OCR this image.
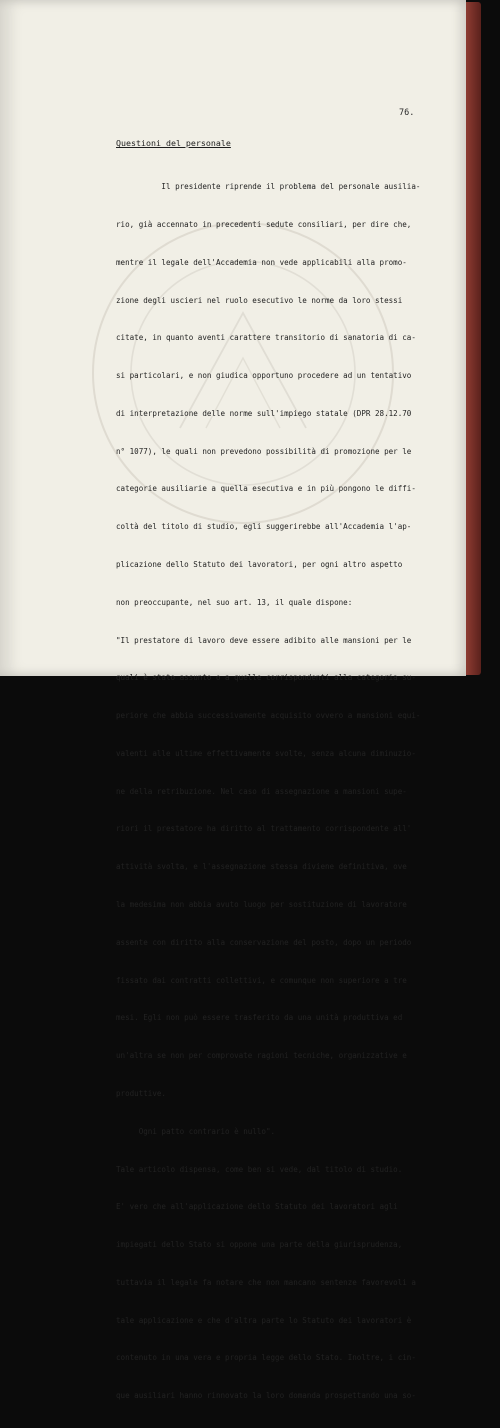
76.
Questioni del personale

Il presidente riprende il problema del personale ausilia-

rio, già accennato in precedenti sedute consiliari, per dire che,

mentre il legale dell'Accademia non vede applicabili alla promo-

zione degli uscieri nel ruolo esecutivo le norme da loro stessi

citate, in quanto aventi carattere transitorio di sanatoria di ca-

si particolari, e non giudica opportuno procedere ad un tentativo

di interpretazione delle norme sull'impiego statale (DPR 28.12.70

n° 1077), le quali non prevedono possibilità di promozione per le

categorie ausiliarie a quella esecutiva e in più pongono le diffi-

coltà del titolo di studio, egli suggerirebbe all'Accademia l'ap-

plicazione dello Statuto dei lavoratori, per ogni altro aspetto

non preoccupante, nel suo art. 13, il quale dispone:

"Il prestatore di lavoro deve essere adibito alle mansioni per le

quali è stato assunto o a quelle corrispondenti alla categoria su-

periore che abbia successivamente acquisito ovvero a mansioni equi-

valenti alle ultime effettivamente svolte, senza alcuna diminuzio-

ne della retribuzione. Nel caso di assegnazione a mansioni supe-

riori il prestatore ha diritto al trattamento corrispondente all'

attività svolta, e l'assegnazione stessa diviene definitiva, ove

la medesima non abbia avuto luogo per sostituzione di lavoratore

assente con diritto alla conservazione del posto, dopo un periodo

fissato dai contratti collettivi, e comunque non superiore a tre

mesi. Egli non può essere trasferito da una unità produttiva ed

un'altra se non per comprovate ragioni tecniche, organizzative e

produttive.

Ogni patto contrario è nullo".

Tale articolo dispensa, come ben si vede, dal titolo di studio.

E' vero che all'applicazione dello Statuto dei lavoratori agli

impiegati dello Stato si oppone una parte della giurisprudenza,

tuttavia il legale fa notare che non mancano sentenze favorevoli a

tale applicazione e che d'altra parte lo Statuto dei lavoratori è

contenuto in una vera e propria legge dello Stato. Inoltre, i cin-

que ausiliari hanno rinnovato la loro domanda prospettando una so-
